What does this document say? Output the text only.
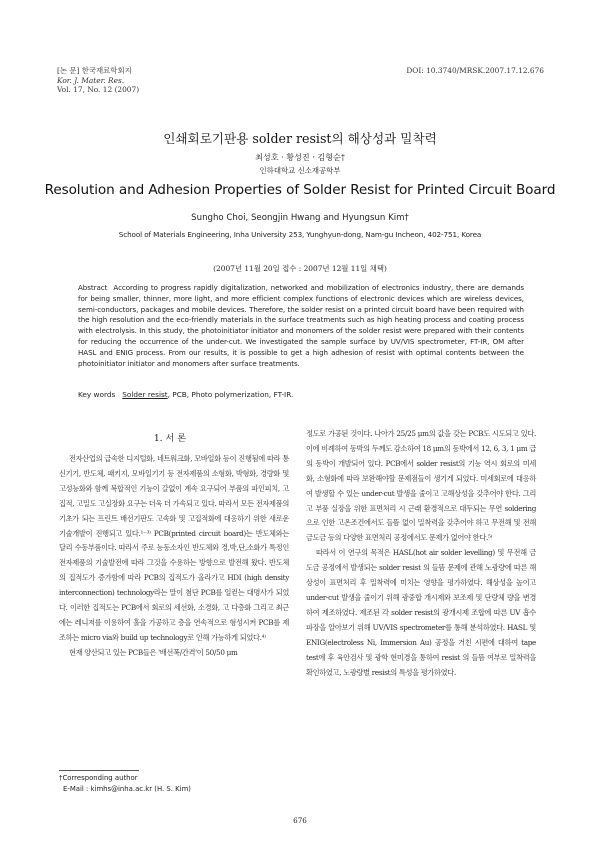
[논 문] 한국재료학회지
Kor. J. Mater. Res.
Vol. 17, No. 12 (2007)
DOI: 10.3740/MRSK.2007.17.12.676
인쇄회로기판용 solder resist의 해상성과 밀착력
최성호 · 황성진 · 김형순†
인하대학교 신소재공학부
Resolution and Adhesion Properties of Solder Resist for Printed Circuit Board
Sungho Choi, Seongjin Hwang and Hyungsun Kim†
School of Materials Engineering, Inha University 253, Yunghyun-dong, Nam-gu Incheon, 402-751, Korea
(2007년 11월 20일 접수 : 2007년 12월 11일 채택)
Abstract According to progress rapidly digitalization, networked and mobilization of electronics industry, there are demands for being smaller, thinner, more light, and more efficient complex functions of electronic devices which are wireless devices, semi-conductors, packages and mobile devices. Therefore, the solder resist on a printed circuit board have been required with the high resolution and the eco-friendly materials in the surface treatments such as high heating process and coating process with electrolysis. In this study, the photoinitiator initiator and monomers of the solder resist were prepared with their contents for reducing the occurrence of the under-cut. We investigated the sample surface by UV/VIS spectrometer, FT-IR, OM after HASL and ENIG process. From our results, it is possible to get a high adhesion of resist with optimal contents between the photoinitiator initiator and monomers after surface treatments.
Key words Solder resist, PCB, Photo polymerization, FT-IR.
1. 서 론

전자산업의 급속한 디지털화, 네트워크화, 모바일화 등이 진행됨에 따라 통신기기, 반도체, 패키지, 모바일기기 등 전자제품의 소형화, 박형화, 경량화 및 고성능화와 함께 복합적인 기능이 갈없이 계속 요구되어 부품의 파인피치, 고집적, 고밀도 고실장화 요구는 더욱 더 가속되고 있다. 따라서 모든 전자제품의 기초가 되는 프린트 배선기판도 고속화 및 고집적화에 대응하기 위한 새로운 기술개발이 진행되고 있다.¹⁻³⁾ PCB(printed circuit board)는 반도체와는 달리 수동부품이다. 따라서 주로 능동소자인 반도체와 경,박,단,소화가 특정인 전자제품의 기술발전에 따라 그것을 수용하는 방향으로 발전해 왔다. 반도체의 집적도가 증가함에 따라 PCB의 집적도가 올라가고 HDI (high density interconnection) technology라는 말이 첨단 PCB를 일컫는 대명사가 되었다. 이러한 집적도는 PCB에서 회로의 세선화, 소경화, 고 다층화 그리고 최근에는 레니저를 이용하여 홀을 가공하고 층을 연속적으로 형성시켜 PCB를 제조하는 micro via와 build up technology로 인해 가능하게 되었다.⁴⁾

현재 양산되고 있는 PCB들은 '배선폭/간격'이 50/50 μm

정도로 가공된 것이다. 나아가 25/25 μm의 값을 갖는 PCB도 시도되고 있다. 이에 비례하여 동박의 두께도 감소하여 18 μm의 동박에서 12, 6, 3, 1 μm 급의 동박이 개발되어 있다. PCB에서 solder resist의 기능 역시 회로의 미세화, 소형화에 따라 보완해야할 문제점들이 생기게 되었다. 미세회로에 대응하여 발생할 수 있는 under-cut 발생을 줄이고 고해상성을 갖추어야 한다. 그리고 부품 실장을 위한 표면처리 시 근래 환경적으로 대두되는 무연 soldering으로 인한 고온조건에서도 들뜸 없이 밀착력을 갖추어야 하고 무전해 및 전해금도금 등의 다양한 표면처리 공정에서도 문제가 없어야 한다.⁵⁾

따라서 이 연구의 목적은 HASL(hot air solder levelling) 및 무전해 금도금 공정에서 발생되는 solder resist 의 들뜸 문제에 관해 노광량에 따른 해상성이 표면처리 후 밀착력에 미치는 영향을 평가하였다. 해상성을 높이고 under-cut 발생을 줄이기 위해 광중합 개시제와 보조제 및 단량체 량을 변경하여 제조하였다. 제조된 각 solder resist의 광개시제 조합에 따른 UV 흡수파장을 알아보기 위해 UV/VIS spectrometer를 통해 분석하였다. HASL 및 ENIG(electroless Ni, Immersion Au) 공정을 거친 시편에 대하여 tape test에 후 육안검사 및 광학 현미경을 통하여 resist 의 들뜸 여부로 밀착력을 확인하였고, 노광량별 resist의 특성을 평가하였다.

†Corresponding author
E-Mail : kimhs@inha.ac.kr (H. S. Kim)
676
